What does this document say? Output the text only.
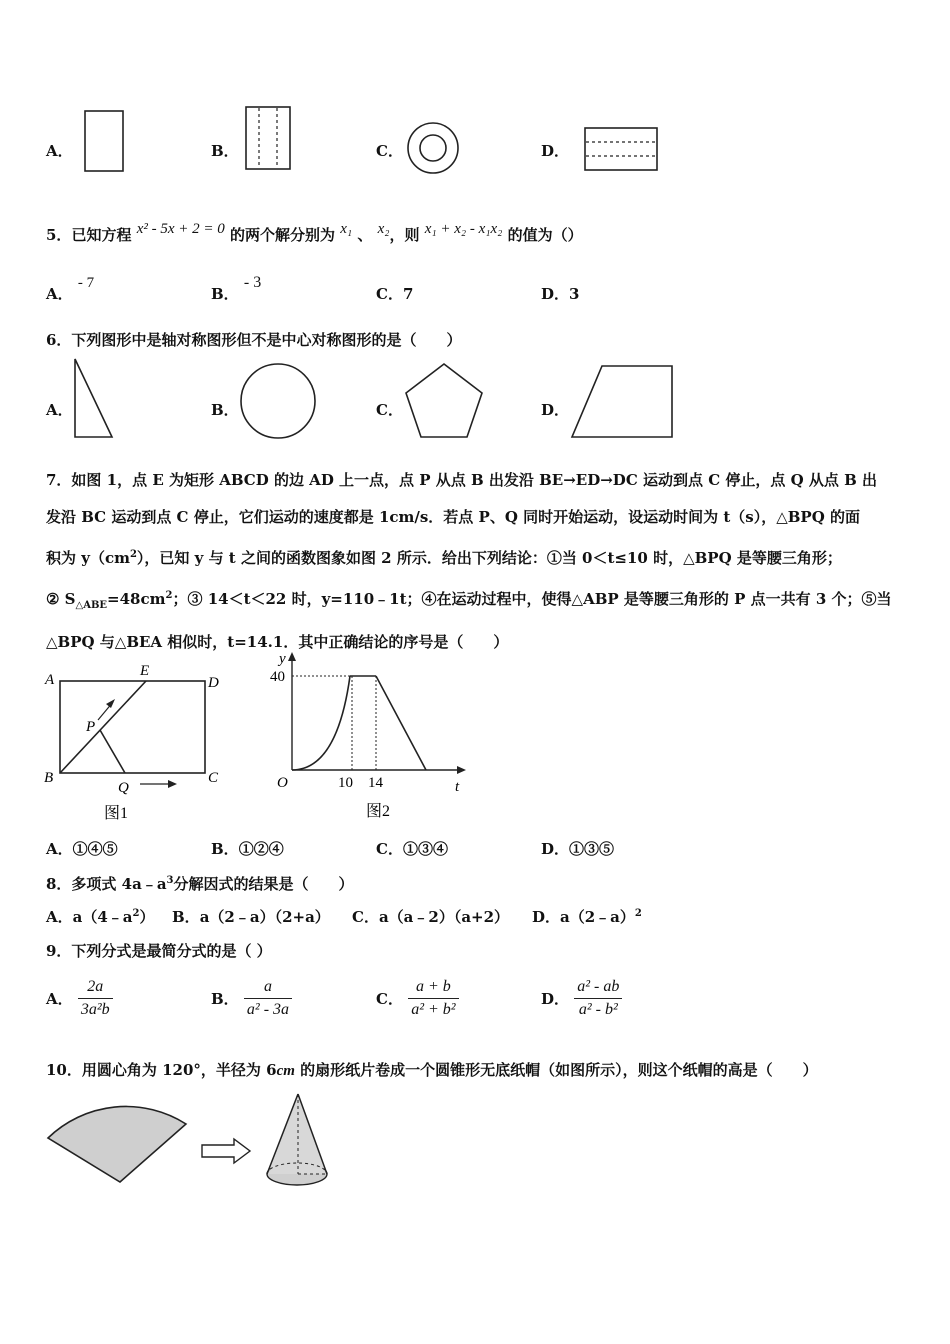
A．	B．	C．	D．
5．已知方程 x² - 5x + 2 = 0 的两个解分别为 x₁ 、 x₂，则 x₁ + x₂ - x₁x₂ 的值为（）
A． - 7
B． - 3
C．7	D．3
6．下列图形中是轴对称图形但不是中心对称图形的是（　　）
A．	B．	C．	D．
7．如图 1，点 E 为矩形 ABCD 的边 AD 上一点，点 P 从点 B 出发沿 BE→ED→DC 运动到点 C 停止，点 Q 从点 B 出
发沿 BC 运动到点 C 停止，它们运动的速度都是 1cm/s．若点 P、Q 同时开始运动，设运动时间为 t（s），△BPQ 的面
积为 $y(cm^2)$，已知 y 与 t 之间的函数图象如图 2 所示．给出下列结论：①当 0＜t≤10 时，△BPQ 是等腰三角形；
② $S_{\triangle ABE}=48cm^2$；③ 14＜t＜22 时，y=110﹣1t；④在运动过程中，使得△ABP 是等腰三角形的 P 点一共有 3 个；⑤当
△BPQ 与△BEA 相似时，t=14.1．其中正确结论的序号是（　　）
A
B	C
D
E
P
Q
图1
y
t
O
40
10 14
图2
A．①④⑤	B．①②④	C．①③④	D．①③⑤
8．多项式 $4a﹣a^3$分解因式的结果是（　　）
A．$a(4﹣a^2)$ B．a（2﹣a）（2+a） C．a（a﹣2）（a+2） D．a（2﹣a）$^2$
9．下列分式是最简分式的是（ ）
A． $\frac{2a}{\text{3a²b}}$	B． $\frac{a}{\text{a² - 3a}}$	C． $\frac{a + b}{\text{a² + b²}}$	D． $\frac{\text{a² - ab}}{\text{a² - b²}}$
10．用圆心角为 120°，半径为 6cm 的扇形纸片卷成一个圆锥形无底纸帽（如图所示），则这个纸帽的高是（　　）
